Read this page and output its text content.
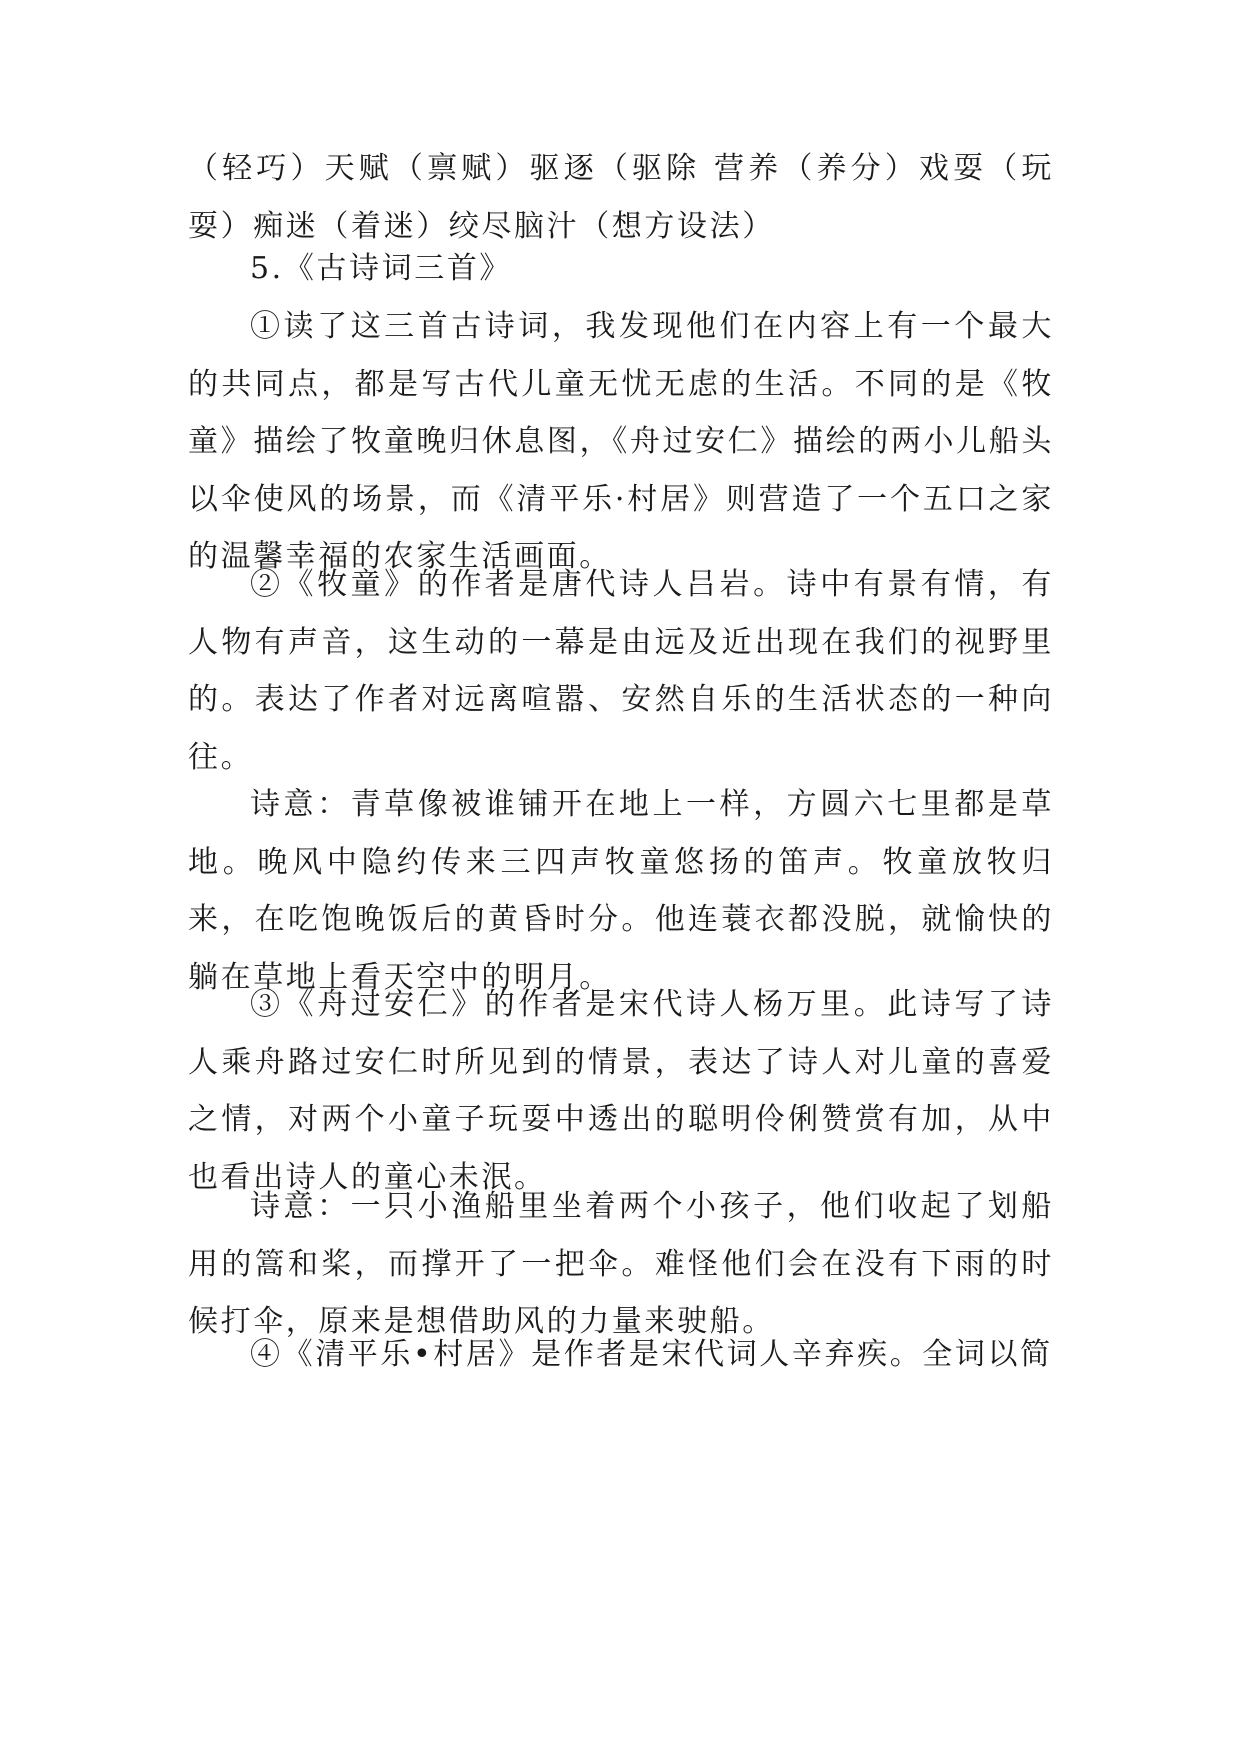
（轻巧）天赋（禀赋）驱逐（驱除 营养（养分）戏耍（玩耍）痴迷（着迷）绞尽脑汁（想方设法）

5.《古诗词三首》

①读了这三首古诗词，我发现他们在内容上有一个最大的共同点，都是写古代儿童无忧无虑的生活。不同的是《牧童》描绘了牧童晚归休息图，《舟过安仁》描绘的两小儿船头以伞使风的场景，而《清平乐·村居》则营造了一个五口之家的温馨幸福的农家生活画面。

②《牧童》的作者是唐代诗人吕岩。诗中有景有情，有人物有声音，这生动的一幕是由远及近出现在我们的视野里的。表达了作者对远离喧嚣、安然自乐的生活状态的一种向往。

诗意：青草像被谁铺开在地上一样，方圆六七里都是草地。晚风中隐约传来三四声牧童悠扬的笛声。牧童放牧归来，在吃饱晚饭后的黄昏时分。他连蓑衣都没脱，就愉快的躺在草地上看天空中的明月。

③《舟过安仁》的作者是宋代诗人杨万里。此诗写了诗人乘舟路过安仁时所见到的情景，表达了诗人对儿童的喜爱之情，对两个小童子玩耍中透出的聪明伶俐赞赏有加，从中也看出诗人的童心未泯。

诗意：一只小渔船里坐着两个小孩子，他们收起了划船用的篙和桨，而撑开了一把伞。难怪他们会在没有下雨的时候打伞，原来是想借助风的力量来驶船。

④《清平乐•村居》是作者是宋代词人辛弃疾。全词以简
